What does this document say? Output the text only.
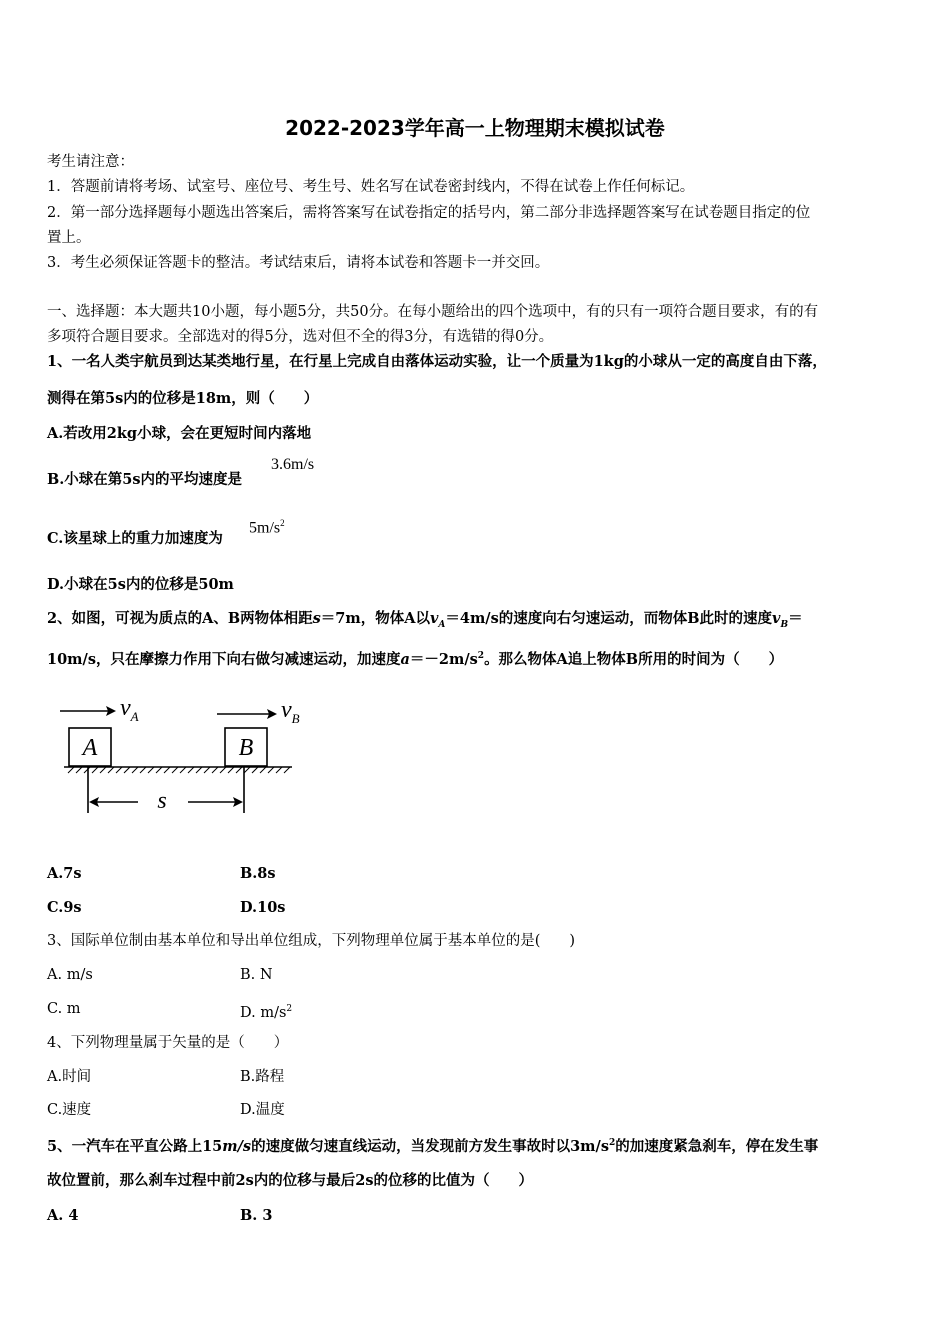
2022-2023学年高一上物理期末模拟试卷
考生请注意：
1．答题前请将考场、试室号、座位号、考生号、姓名写在试卷密封线内，不得在试卷上作任何标记。
2．第一部分选择题每小题选出答案后，需将答案写在试卷指定的括号内，第二部分非选择题答案写在试卷题目指定的位
置上。
3．考生必须保证答题卡的整洁。考试结束后，请将本试卷和答题卡一并交回。
一、选择题：本大题共10小题，每小题5分，共50分。在每小题给出的四个选项中，有的只有一项符合题目要求，有的有
多项符合题目要求。全部选对的得5分，选对但不全的得3分，有选错的得0分。
1、一名人类宇航员到达某类地行星，在行星上完成自由落体运动实验，让一个质量为1kg的小球从一定的高度自由下落，
测得在第5s内的位移是18m，则（　　）
A.若改用2kg小球，会在更短时间内落地
B.小球在第5s内的平均速度是
3.6m/s
C.该星球上的重力加速度为
$5m/s^2$
D.小球在5s内的位移是50m
2、如图，可视为质点的A、B两物体相距s＝7m，物体A以$v_A=4m/s$的速度向右匀速运动，而物体B此时的速度$v_B=$
10m/s，只在摩擦力作用下向右做匀减速运动，加速度$a=-2m/s^2$。那么物体A追上物体B所用的时间为（　　）
$v_A$	$v_B$
A	B
s
A.7s	B.8s
C.9s	D.10s
3、国际单位制由基本单位和导出单位组成，下列物理单位属于基本单位的是(　　)
A. m/s	B. N
C. m	D. $m/s^2$
4、下列物理量属于矢量的是（　　）
A.时间	B.路程
C.速度	D.温度
5、一汽车在平直公路上15m/s的速度做匀速直线运动，当发现前方发生事故时以$3m/s^2$的加速度紧急刹车，停在发生事
故位置前，那么刹车过程中前2s内的位移与最后2s的位移的比值为（　　）
A. 4	B. 3
